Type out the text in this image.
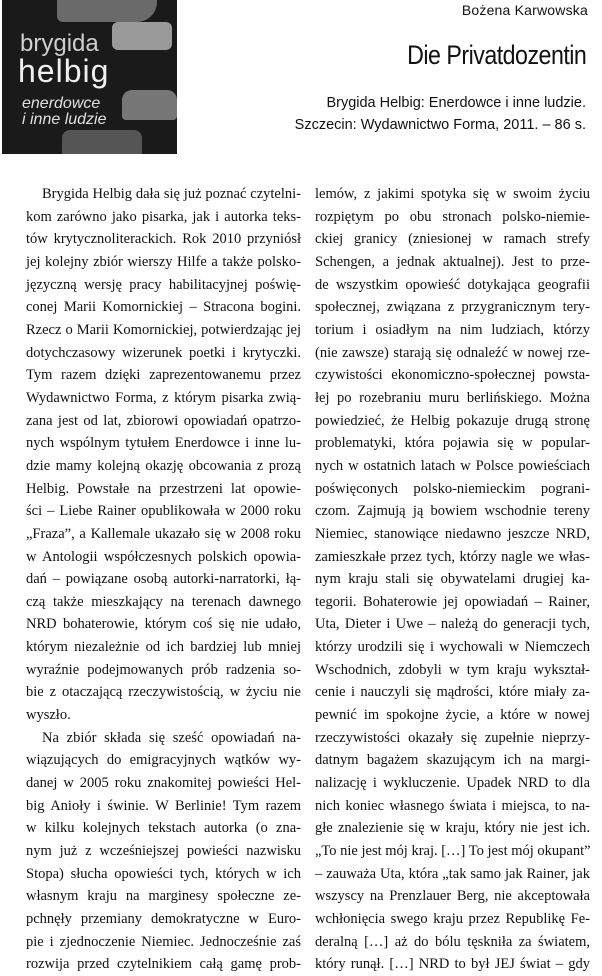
brygida
helbig
enerdowce
i inne ludzie
Bożena Karwowska
Die Privatdozentin
Brygida Helbig: Enerdowce i inne ludzie.
Szczecin: Wydawnictwo Forma, 2011. – 86 s.
Brygida Helbig dała się już poznać czytelni-
kom zarówno jako pisarka, jak i autorka teks-
tów krytycznoliterackich. Rok 2010 przyniósł
jej kolejny zbiór wierszy Hilfe a także polsko-
języczną wersję pracy habilitacyjnej poświę-
conej Marii Komornickiej – Stracona bogini.
Rzecz o Marii Komornickiej, potwierdzając jej
dotychczasowy wizerunek poetki i krytyczki.
Tym razem dzięki zaprezentowanemu przez
Wydawnictwo Forma, z którym pisarka zwią-
zana jest od lat, zbiorowi opowiadań opatrzo-
nych wspólnym tytułem Enerdowce i inne lu-
dzie mamy kolejną okazję obcowania z prozą
Helbig. Powstałe na przestrzeni lat opowie-
ści – Liebe Rainer opublikowała w 2000 roku
„Fraza”, a Kallemale ukazało się w 2008 roku
w Antologii współczesnych polskich opowia-
dań – powiązane osobą autorki-narratorki, łą-
czą także mieszkający na terenach dawnego
NRD bohaterowie, którym coś się nie udało,
którym niezależnie od ich bardziej lub mniej
wyraźnie podejmowanych prób radzenia so-
bie z otaczającą rzeczywistością, w życiu nie
wyszło.
Na zbiór składa się sześć opowiadań na-
wiązujących do emigracyjnych wątków wy-
danej w 2005 roku znakomitej powieści Hel-
big Anioły i świnie. W Berlinie! Tym razem
w kilku kolejnych tekstach autorka (o zna-
nym już z wcześniejszej powieści nazwisku
Stopa) słucha opowieści tych, których w ich
własnym kraju na marginesy społeczne ze-
pchnęły przemiany demokratyczne w Euro-
pie i zjednoczenie Niemiec. Jednocześnie zaś
rozwija przed czytelnikiem całą gamę prob-
lemów, z jakimi spotyka się w swoim życiu
rozpiętym po obu stronach polsko-niemie-
ckiej granicy (zniesionej w ramach strefy
Schengen, a jednak aktualnej). Jest to prze-
de wszystkim opowieść dotykająca geografii
społecznej, związana z przygranicznym tery-
torium i osiadłym na nim ludziach, którzy
(nie zawsze) starają się odnaleźć w nowej rze-
czywistości ekonomiczno-społecznej powsta-
łej po rozebraniu muru berlińskiego. Można
powiedzieć, że Helbig pokazuje drugą stronę
problematyki, która pojawia się w popular-
nych w ostatnich latach w Polsce powieściach
poświęconych polsko-niemieckim pograni-
czom. Zajmują ją bowiem wschodnie tereny
Niemiec, stanowiące niedawno jeszcze NRD,
zamieszkałe przez tych, którzy nagle we włas-
nym kraju stali się obywatelami drugiej ka-
tegorii. Bohaterowie jej opowiadań – Rainer,
Uta, Dieter i Uwe – należą do generacji tych,
którzy urodzili się i wychowali w Niemczech
Wschodnich, zdobyli w tym kraju wykształ-
cenie i nauczyli się mądrości, które miały za-
pewnić im spokojne życie, a które w nowej
rzeczywistości okazały się zupełnie nieprzy-
datnym bagażem skazującym ich na margi-
nalizację i wykluczenie. Upadek NRD to dla
nich koniec własnego świata i miejsca, to na-
głe znalezienie się w kraju, który nie jest ich.
„To nie jest mój kraj. […] To jest mój okupant”
– zauważa Uta, która „tak samo jak Rainer, jak
wszyscy na Prenzlauer Berg, nie akceptowała
wchłonięcia swego kraju przez Republikę Fe-
deralną […] aż do bólu tęskniła za światem,
który runął. […] NRD to był JEJ świat – gdy
